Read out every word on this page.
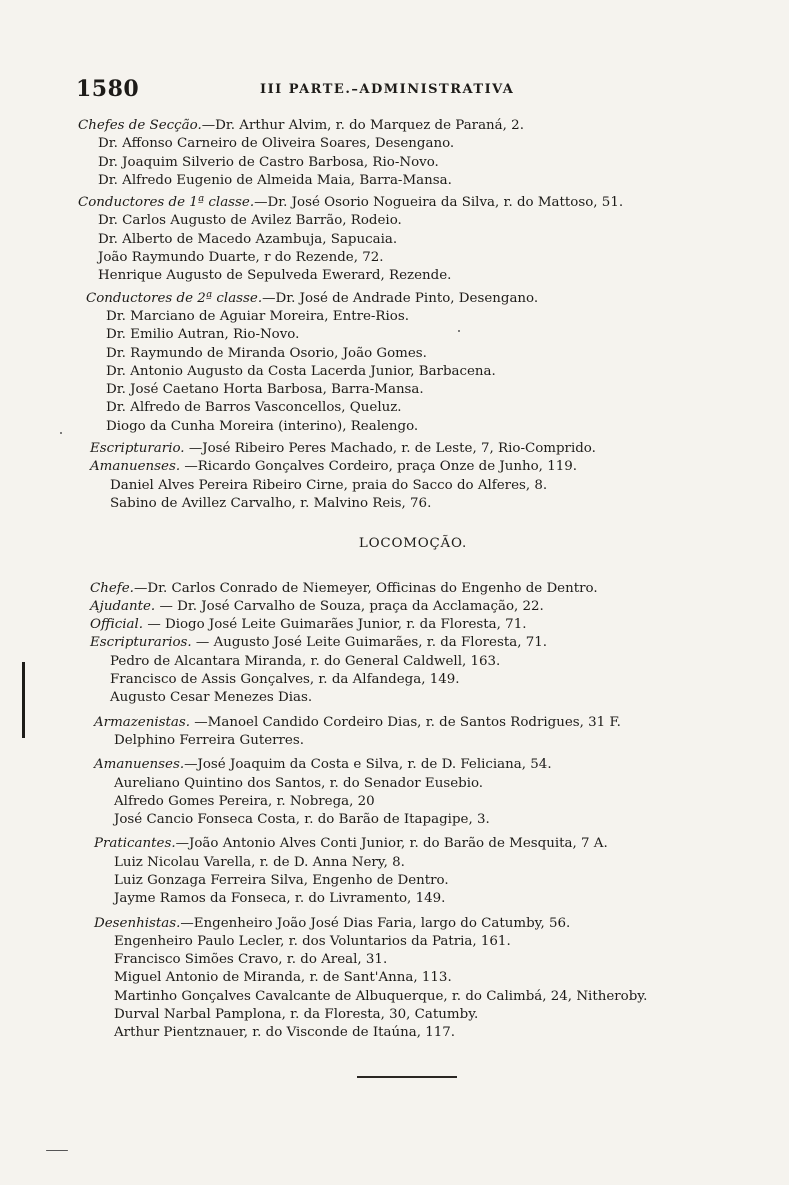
1580	III PARTE.–ADMINISTRATIVA
Chefes de Secção.—Dr. Arthur Alvim, r. do Marquez de Paraná, 2.
Dr. Affonso Carneiro de Oliveira Soares, Desengano.
Dr. Joaquim Silverio de Castro Barbosa, Rio-Novo.
Dr. Alfredo Eugenio de Almeida Maia, Barra-Mansa.
Conductores de 1ª classe.—Dr. José Osorio Nogueira da Silva, r. do Mattoso, 51.
Dr. Carlos Augusto de Avilez Barrão, Rodeio.
Dr. Alberto de Macedo Azambuja, Sapucaia.
João Raymundo Duarte, r do Rezende, 72.
Henrique Augusto de Sepulveda Ewerard, Rezende.
Conductores de 2ª classe.—Dr. José de Andrade Pinto, Desengano.
Dr. Marciano de Aguiar Moreira, Entre-Rios.
Dr. Emilio Autran, Rio-Novo.
Dr. Raymundo de Miranda Osorio, João Gomes.
Dr. Antonio Augusto da Costa Lacerda Junior, Barbacena.
Dr. José Caetano Horta Barbosa, Barra-Mansa.
Dr. Alfredo de Barros Vasconcellos, Queluz.
Diogo da Cunha Moreira (interino), Realengo.
Escripturario. —José Ribeiro Peres Machado, r. de Leste, 7, Rio-Comprido.
Amanuenses. —Ricardo Gonçalves Cordeiro, praça Onze de Junho, 119.
Daniel Alves Pereira Ribeiro Cirne, praia do Sacco do Alferes, 8.
Sabino de Avillez Carvalho, r. Malvino Reis, 76.
LOCOMOÇÃO.
Chefe.—Dr. Carlos Conrado de Niemeyer, Officinas do Engenho de Dentro.
Ajudante. — Dr. José Carvalho de Souza, praça da Acclamação, 22.
Official. — Diogo José Leite Guimarães Junior, r. da Floresta, 71.
Escripturarios. — Augusto José Leite Guimarães, r. da Floresta, 71.
Pedro de Alcantara Miranda, r. do General Caldwell, 163.
Francisco de Assis Gonçalves, r. da Alfandega, 149.
Augusto Cesar Menezes Dias.
Armazenistas. —Manoel Candido Cordeiro Dias, r. de Santos Rodrigues, 31 F.
Delphino Ferreira Guterres.
Amanuenses.—José Joaquim da Costa e Silva, r. de D. Feliciana, 54.
Aureliano Quintino dos Santos, r. do Senador Eusebio.
Alfredo Gomes Pereira, r. Nobrega, 20
José Cancio Fonseca Costa, r. do Barão de Itapagipe, 3.
Praticantes.—João Antonio Alves Conti Junior, r. do Barão de Mesquita, 7 A.
Luiz Nicolau Varella, r. de D. Anna Nery, 8.
Luiz Gonzaga Ferreira Silva, Engenho de Dentro.
Jayme Ramos da Fonseca, r. do Livramento, 149.
Desenhistas.—Engenheiro João José Dias Faria, largo do Catumby, 56.
Engenheiro Paulo Lecler, r. dos Voluntarios da Patria, 161.
Francisco Simões Cravo, r. do Areal, 31.
Miguel Antonio de Miranda, r. de Sant'Anna, 113.
Martinho Gonçalves Cavalcante de Albuquerque, r. do Calimbá, 24, Nitheroby.
Durval Narbal Pamplona, r. da Floresta, 30, Catumby.
Arthur Pientznauer, r. do Visconde de Itaúna, 117.
